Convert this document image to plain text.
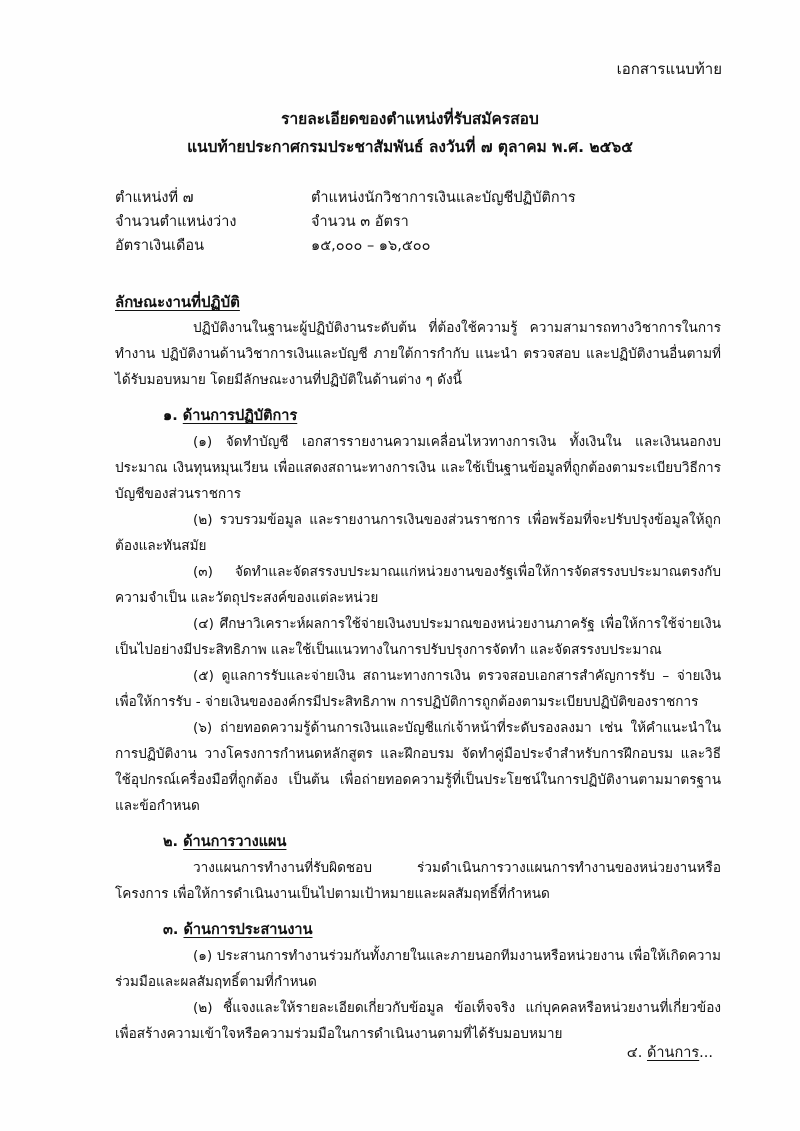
เอกสารแนบท้าย
รายละเอียดของตำแหน่งที่รับสมัครสอบ
แนบท้ายประกาศกรมประชาสัมพันธ์ ลงวันที่ ๗ ตุลาคม พ.ศ. ๒๕๖๕
ตำแหน่งที่ ๗	ตำแหน่งนักวิชาการเงินและบัญชีปฏิบัติการ
จำนวนตำแหน่งว่าง	จำนวน ๓ อัตรา
อัตราเงินเดือน	๑๕,๐๐๐ – ๑๖,๕๐๐
ลักษณะงานที่ปฏิบัติ

ปฏิบัติงานในฐานะผู้ปฏิบัติงานระดับต้น ที่ต้องใช้ความรู้ ความสามารถทางวิชาการในการทำงาน ปฏิบัติงานด้านวิชาการเงินและบัญชี ภายใต้การกำกับ แนะนำ ตรวจสอบ และปฏิบัติงานอื่นตามที่ได้รับมอบหมาย โดยมีลักษณะงานที่ปฏิบัติในด้านต่าง ๆ ดังนี้

๑. ด้านการปฏิบัติการ

(๑) จัดทำบัญชี เอกสารรายงานความเคลื่อนไหวทางการเงิน ทั้งเงินใน และเงินนอกงบประมาณ เงินทุนหมุนเวียน เพื่อแสดงสถานะทางการเงิน และใช้เป็นฐานข้อมูลที่ถูกต้องตามระเบียบวิธีการบัญชีของส่วนราชการ

(๒) รวบรวมข้อมูล และรายงานการเงินของส่วนราชการ เพื่อพร้อมที่จะปรับปรุงข้อมูลให้ถูกต้องและทันสมัย

(๓) จัดทำและจัดสรรงบประมาณแก่หน่วยงานของรัฐเพื่อให้การจัดสรรงบประมาณตรงกับความจำเป็น และวัตถุประสงค์ของแต่ละหน่วย

(๔) ศึกษาวิเคราะห์ผลการใช้จ่ายเงินงบประมาณของหน่วยงานภาครัฐ เพื่อให้การใช้จ่ายเงินเป็นไปอย่างมีประสิทธิภาพ และใช้เป็นแนวทางในการปรับปรุงการจัดทำ และจัดสรรงบประมาณ

(๕) ดูแลการรับและจ่ายเงิน สถานะทางการเงิน ตรวจสอบเอกสารสำคัญการรับ – จ่ายเงิน เพื่อให้การรับ - จ่ายเงินขององค์กรมีประสิทธิภาพ การปฏิบัติการถูกต้องตามระเบียบปฏิบัติของราชการ

(๖) ถ่ายทอดความรู้ด้านการเงินและบัญชีแก่เจ้าหน้าที่ระดับรองลงมา เช่น ให้คำแนะนำในการปฏิบัติงาน วางโครงการกำหนดหลักสูตร และฝึกอบรม จัดทำคู่มือประจำสำหรับการฝึกอบรม และวิธีใช้อุปกรณ์เครื่องมือที่ถูกต้อง เป็นต้น เพื่อถ่ายทอดความรู้ที่เป็นประโยชน์ในการปฏิบัติงานตามมาตรฐาน และข้อกำหนด

๒. ด้านการวางแผน

วางแผนการทำงานที่รับผิดชอบ ร่วมดำเนินการวางแผนการทำงานของหน่วยงานหรือโครงการ เพื่อให้การดำเนินงานเป็นไปตามเป้าหมายและผลสัมฤทธิ์ที่กำหนด

๓. ด้านการประสานงาน

(๑) ประสานการทำงานร่วมกันทั้งภายในและภายนอกทีมงานหรือหน่วยงาน เพื่อให้เกิดความร่วมมือและผลสัมฤทธิ์ตามที่กำหนด

(๒) ชี้แจงและให้รายละเอียดเกี่ยวกับข้อมูล ข้อเท็จจริง แก่บุคคลหรือหน่วยงานที่เกี่ยวข้องเพื่อสร้างความเข้าใจหรือความร่วมมือในการดำเนินงานตามที่ได้รับมอบหมาย

๔. ด้านการ...
